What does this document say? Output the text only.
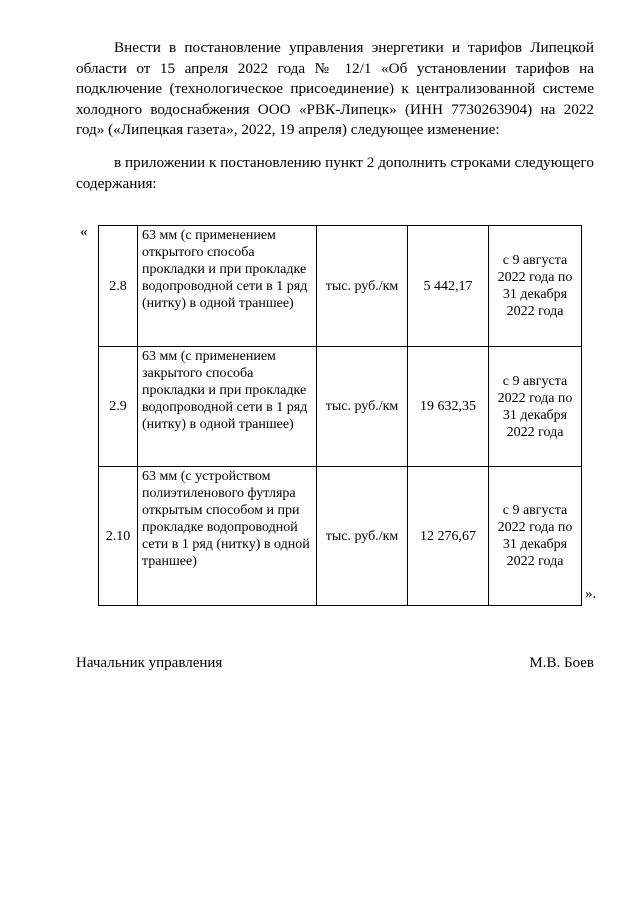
Внести в постановление управления энергетики и тарифов Липецкой области от 15 апреля 2022 года № 12/1 «Об установлении тарифов на подключение (технологическое присоединение) к централизованной системе холодного водоснабжения ООО «РВК-Липецк» (ИНН 7730263904) на 2022 год» («Липецкая газета», 2022, 19 апреля) следующее изменение:

в приложении к постановлению пункт 2 дополнить строками следующего содержания:

«
2.8	63 мм (с применением открытого способа прокладки и при прокладке водопроводной сети в 1 ряд (нитку) в одной траншее)	тыс. руб./км	5 442,17	с 9 августа 2022 года по 31 декабря 2022 года
2.9	63 мм (с применением закрытого способа прокладки и при прокладке водопроводной сети в 1 ряд (нитку) в одной траншее)	тыс. руб./км	19 632,35	с 9 августа 2022 года по 31 декабря 2022 года
2.10	63 мм (с устройством полиэтиленового футляра открытым способом и при прокладке водопроводной сети в 1 ряд (нитку) в одной траншее)	тыс. руб./км	12 276,67	с 9 августа 2022 года по 31 декабря 2022 года
».
Начальник управления	М.В. Боев
